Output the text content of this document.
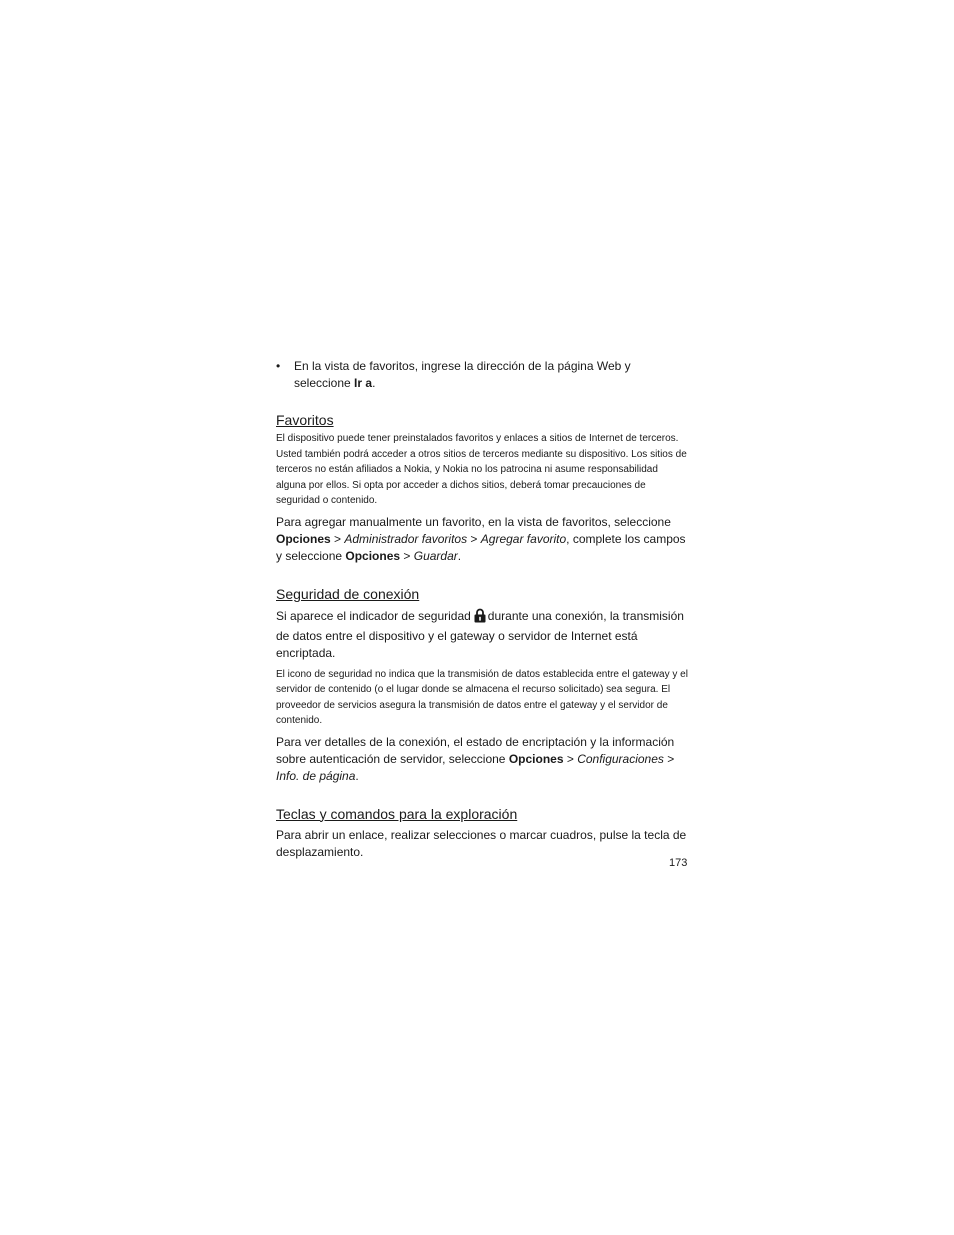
• En la vista de favoritos, ingrese la dirección de la página Web y seleccione Ir a.

Favoritos

El dispositivo puede tener preinstalados favoritos y enlaces a sitios de Internet de terceros. Usted también podrá acceder a otros sitios de terceros mediante su dispositivo. Los sitios de terceros no están afiliados a Nokia, y Nokia no los patrocina ni asume responsabilidad alguna por ellos. Si opta por acceder a dichos sitios, deberá tomar precauciones de seguridad o contenido.

Para agregar manualmente un favorito, en la vista de favoritos, seleccione Opciones > Administrador favoritos > Agregar favorito, complete los campos y seleccione Opciones > Guardar.

Seguridad de conexión

Si aparece el indicador de seguridad durante una conexión, la transmisión de datos entre el dispositivo y el gateway o servidor de Internet está encriptada.

El icono de seguridad no indica que la transmisión de datos establecida entre el gateway y el servidor de contenido (o el lugar donde se almacena el recurso solicitado) sea segura. El proveedor de servicios asegura la transmisión de datos entre el gateway y el servidor de contenido.

Para ver detalles de la conexión, el estado de encriptación y la información sobre autenticación de servidor, seleccione Opciones > Configuraciones > Info. de página.

Teclas y comandos para la exploración

Para abrir un enlace, realizar selecciones o marcar cuadros, pulse la tecla de desplazamiento.

173
